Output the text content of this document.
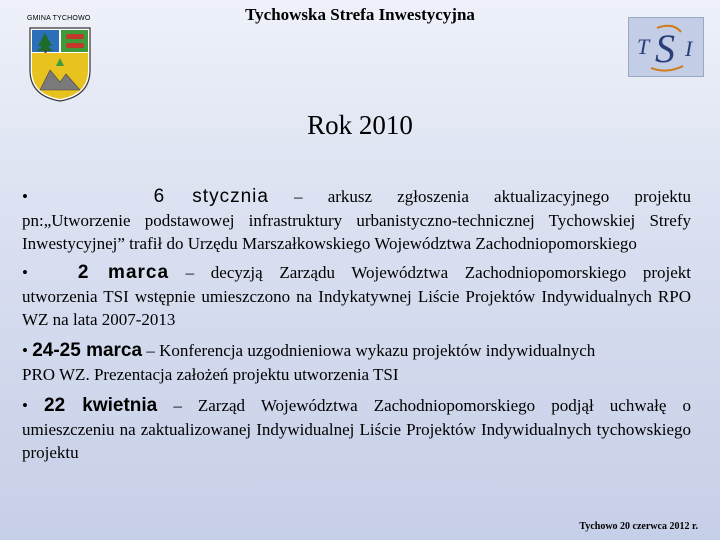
GMINA TYCHOWO	Tychowska Strefa Inwestycyjna
T S I
Rok 2010
•	6 stycznia – arkusz zgłoszenia aktualizacyjnego projektu
pn:„Utworzenie podstawowej infrastruktury urbanistyczno-technicznej Tychowskiej Strefy Inwestycyjnej” trafił do Urzędu Marszałkowskiego Województwa Zachodniopomorskiego
•	2 marca – decyzją Zarządu Województwa Zachodniopomorskiego projekt
utworzenia TSI wstępnie umieszczono na Indykatywnej Liście Projektów Indywidualnych RPO WZ na lata 2007-2013
• 24-25 marca – Konferencja uzgodnieniowa wykazu projektów indywidualnych
PRO WZ. Prezentacja założeń projektu utworzenia TSI
• 22 kwietnia – Zarząd Województwa Zachodniopomorskiego podjął uchwałę o
umieszczeniu na zaktualizowanej Indywidualnej Liście Projektów Indywidualnych tychowskiego projektu
Tychowo 20 czerwca 2012 r.
